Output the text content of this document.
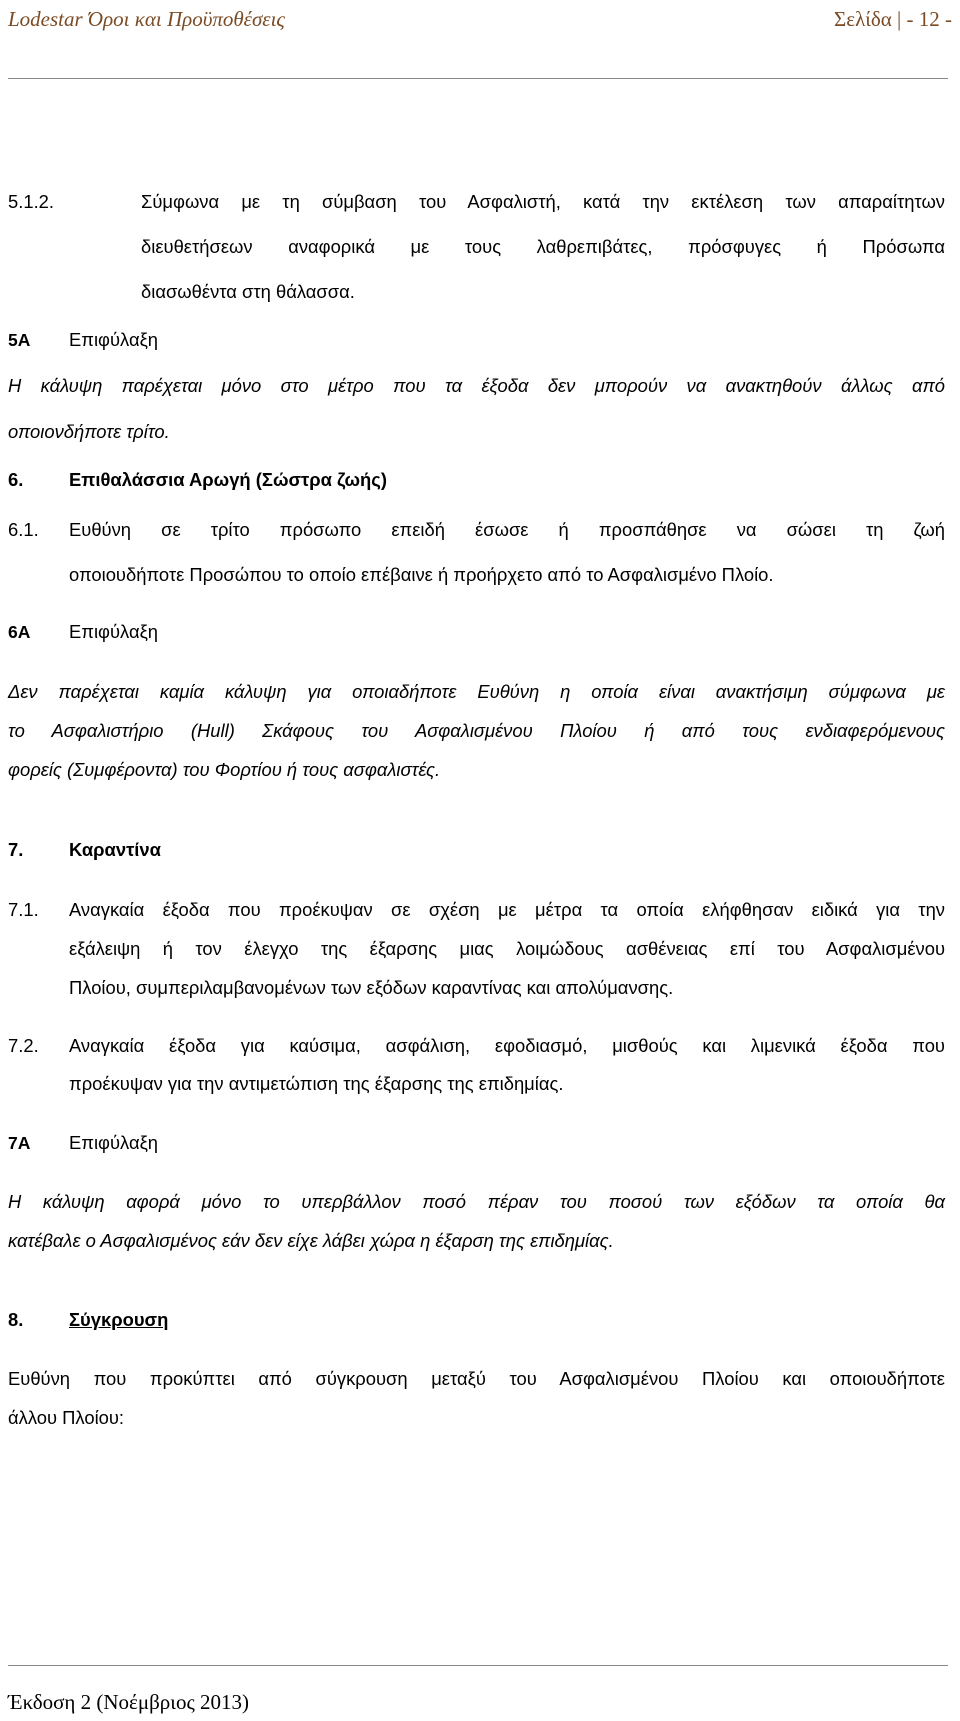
Lodestar Όροι και Προϋποθέσεις	Σελίδα | - 12 -
5.1.2.	Σύμφωνα με τη σύμβαση του Ασφαλιστή, κατά την εκτέλεση των απαραίτητων
διευθετήσεων αναφορικά με τους λαθρεπιβάτες, πρόσφυγες ή Πρόσωπα
διασωθέντα στη θάλασσα.
5A Επιφύλαξη
Η κάλυψη παρέχεται μόνο στο μέτρο που τα έξοδα δεν μπορούν να ανακτηθούν άλλως από
οποιονδήποτε τρίτο.
6. Επιθαλάσσια Αρωγή (Σώστρα ζωής)
6.1. Ευθύνη σε τρίτο πρόσωπο επειδή έσωσε ή προσπάθησε να σώσει τη ζωή
οποιουδήποτε Προσώπου το οποίο επέβαινε ή προήρχετο από το Ασφαλισμένο Πλοίο.
6A Επιφύλαξη
Δεν παρέχεται καμία κάλυψη για οποιαδήποτε Ευθύνη η οποία είναι ανακτήσιμη σύμφωνα με
το Ασφαλιστήριο (Hull) Σκάφους του Ασφαλισμένου Πλοίου ή από τους ενδιαφερόμενους
φορείς (Συμφέροντα) του Φορτίου ή τους ασφαλιστές.
7. Καραντίνα
7.1. Αναγκαία έξοδα που προέκυψαν σε σχέση με μέτρα τα οποία ελήφθησαν ειδικά για την
εξάλειψη ή τον έλεγχο της έξαρσης μιας λοιμώδους ασθένειας επί του Ασφαλισμένου
Πλοίου, συμπεριλαμβανομένων των εξόδων καραντίνας και απολύμανσης.
7.2. Αναγκαία έξοδα για καύσιμα, ασφάλιση, εφοδιασμό, μισθούς και λιμενικά έξοδα που
προέκυψαν για την αντιμετώπιση της έξαρσης της επιδημίας.
7A Επιφύλαξη
Η κάλυψη αφορά μόνο το υπερβάλλον ποσό πέραν του ποσού των εξόδων τα οποία θα
κατέβαλε ο Ασφαλισμένος εάν δεν είχε λάβει χώρα η έξαρση της επιδημίας.
8. Σύγκρουση
Ευθύνη που προκύπτει από σύγκρουση μεταξύ του Ασφαλισμένου Πλοίου και οποιουδήποτε
άλλου Πλοίου:
Έκδοση 2 (Νοέμβριος 2013)
